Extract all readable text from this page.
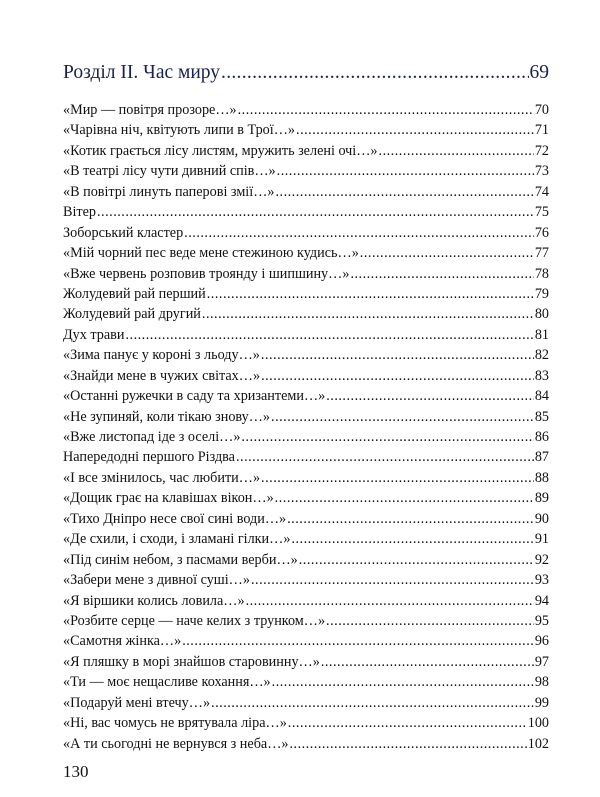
Розділ ІІ. Час миру .....	69
«Мир — повітря прозоре…» .....	70
«Чарівна ніч, квітують липи в Трої…» .....	71
«Котик грається лісу листям, мружить зелені очі…» .....	72
«В театрі лісу чути дивний спів…» .....	73
«В повітрі линуть паперові змії…» .....	74
Вітер .....	75
Зоборський кластер .....	76
«Мій чорний пес веде мене стежиною кудись…» .....	77
«Вже червень розповив троянду і шипшину…» .....	78
Жолудевий рай перший .....	79
Жолудевий рай другий .....	80
Дух трави .....	81
«Зима панує у короні з льоду…» .....	82
«Знайди мене в чужих світах…» .....	83
«Останні ружечки в саду та хризантеми…» .....	84
«Не зупиняй, коли тікаю знову…» .....	85
«Вже листопад іде з оселі…» .....	86
Напередодні першого Різдва .....	87
«І все змінилось, час любити…» .....	88
«Дощик грає на клавішах вікон…» .....	89
«Тихо Дніпро несе свої сині води…» .....	90
«Де схили, і сходи, і зламані гілки…» .....	91
«Під синім небом, з пасмами верби…» .....	92
«Забери мене з дивної суші…» .....	93
«Я віршики колись ловила…» .....	94
«Розбите серце — наче келих з трунком…» .....	95
«Самотня жінка…» .....	96
«Я пляшку в морі знайшов старовинну…» .....	97
«Ти — моє нещасливе кохання…» .....	98
«Подаруй мені втечу…» .....	99
«Ні, вас чомусь не врятувала ліра…» .....	100
«А ти сьогодні не вернувся з неба…» .....	102
130
